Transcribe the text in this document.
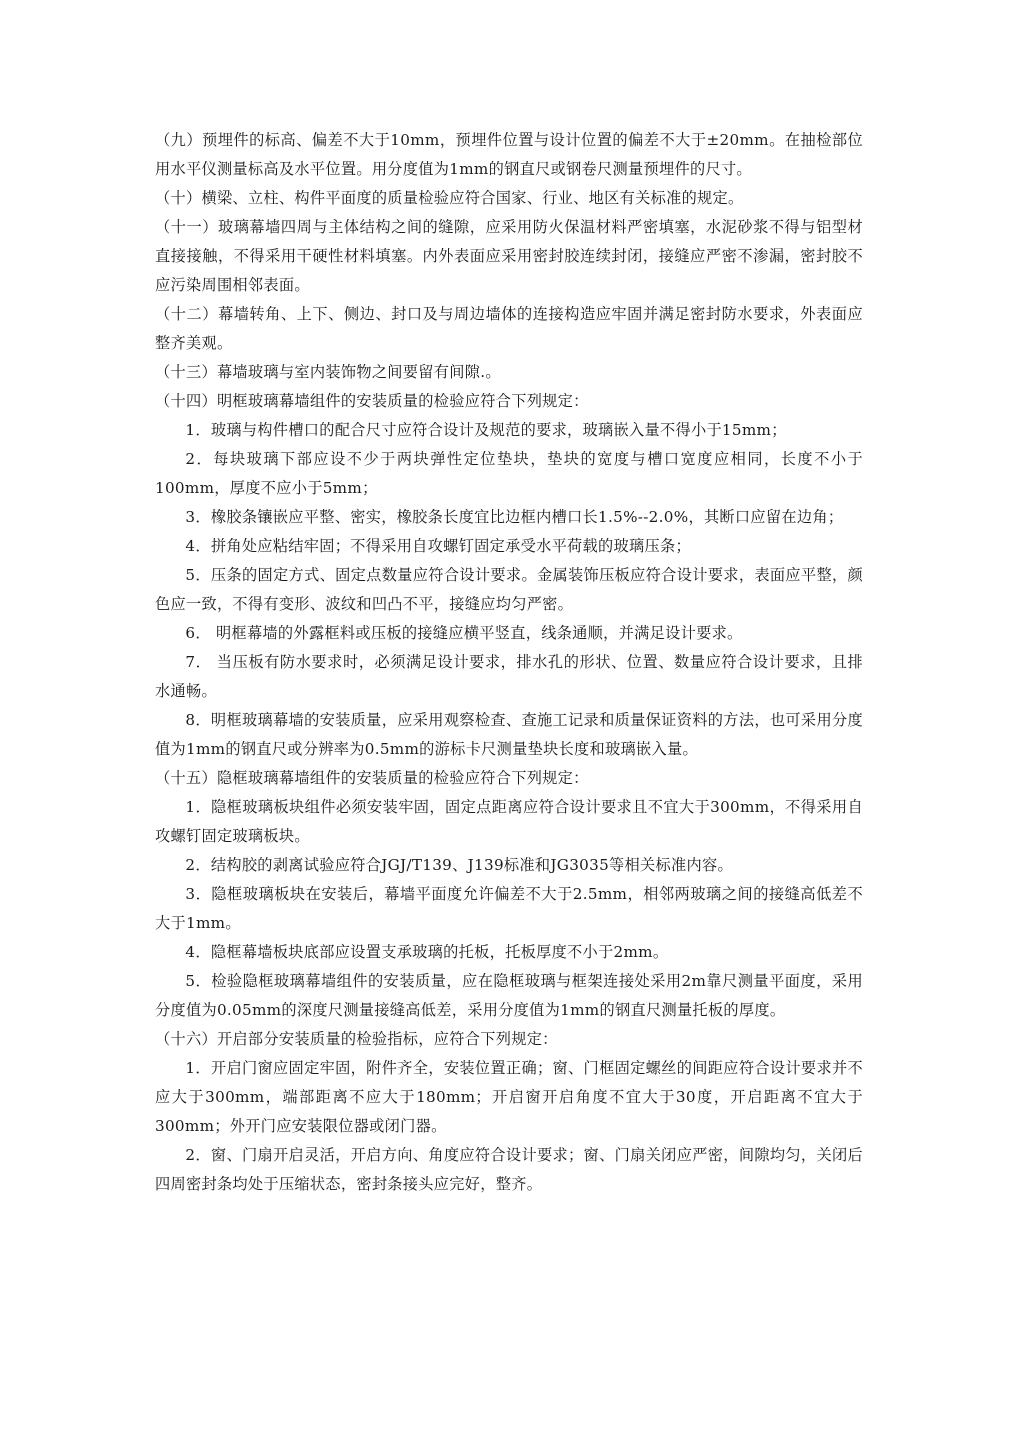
（九）预埋件的标高、偏差不大于10mm，预埋件位置与设计位置的偏差不大于±20mm。在抽检部位用水平仪测量标高及水平位置。用分度值为1mm的钢直尺或钢卷尺测量预埋件的尺寸。

（十）横梁、立柱、构件平面度的质量检验应符合国家、行业、地区有关标准的规定。

（十一）玻璃幕墙四周与主体结构之间的缝隙，应采用防火保温材料严密填塞，水泥砂浆不得与铝型材直接接触，不得采用干硬性材料填塞。内外表面应采用密封胶连续封闭，接缝应严密不渗漏，密封胶不应污染周围相邻表面。

（十二）幕墙转角、上下、侧边、封口及与周边墙体的连接构造应牢固并满足密封防水要求，外表面应整齐美观。

（十三）幕墙玻璃与室内装饰物之间要留有间隙.。

（十四）明框玻璃幕墙组件的安装质量的检验应符合下列规定：

1．玻璃与构件槽口的配合尺寸应符合设计及规范的要求，玻璃嵌入量不得小于15mm；

2．每块玻璃下部应设不少于两块弹性定位垫块，垫块的宽度与槽口宽度应相同，长度不小于100mm，厚度不应小于5mm；

3．橡胶条镶嵌应平整、密实，橡胶条长度宜比边框内槽口长1.5%--2.0%，其断口应留在边角；

4．拼角处应粘结牢固；不得采用自攻螺钉固定承受水平荷载的玻璃压条；

5．压条的固定方式、固定点数量应符合设计要求。金属装饰压板应符合设计要求，表面应平整，颜色应一致，不得有变形、波纹和凹凸不平，接缝应均匀严密。

6． 明框幕墙的外露框料或压板的接缝应横平竖直，线条通顺，并满足设计要求。

7． 当压板有防水要求时，必须满足设计要求，排水孔的形状、位置、数量应符合设计要求，且排水通畅。

8．明框玻璃幕墙的安装质量，应采用观察检查、查施工记录和质量保证资料的方法，也可采用分度值为1mm的钢直尺或分辨率为0.5mm的游标卡尺测量垫块长度和玻璃嵌入量。

（十五）隐框玻璃幕墙组件的安装质量的检验应符合下列规定：

1．隐框玻璃板块组件必须安装牢固，固定点距离应符合设计要求且不宜大于300mm，不得采用自攻螺钉固定玻璃板块。

2．结构胶的剥离试验应符合JGJ/T139、J139标准和JG3035等相关标准内容。

3．隐框玻璃板块在安装后，幕墙平面度允许偏差不大于2.5mm，相邻两玻璃之间的接缝高低差不大于1mm。

4．隐框幕墙板块底部应设置支承玻璃的托板，托板厚度不小于2mm。

5．检验隐框玻璃幕墙组件的安装质量，应在隐框玻璃与框架连接处采用2m靠尺测量平面度，采用分度值为0.05mm的深度尺测量接缝高低差，采用分度值为1mm的钢直尺测量托板的厚度。

（十六）开启部分安装质量的检验指标，应符合下列规定：

1．开启门窗应固定牢固，附件齐全，安装位置正确；窗、门框固定螺丝的间距应符合设计要求并不应大于300mm，端部距离不应大于180mm；开启窗开启角度不宜大于30度，开启距离不宜大于300mm；外开门应安装限位器或闭门器。

2．窗、门扇开启灵活，开启方向、角度应符合设计要求；窗、门扇关闭应严密，间隙均匀，关闭后四周密封条均处于压缩状态，密封条接头应完好，整齐。
